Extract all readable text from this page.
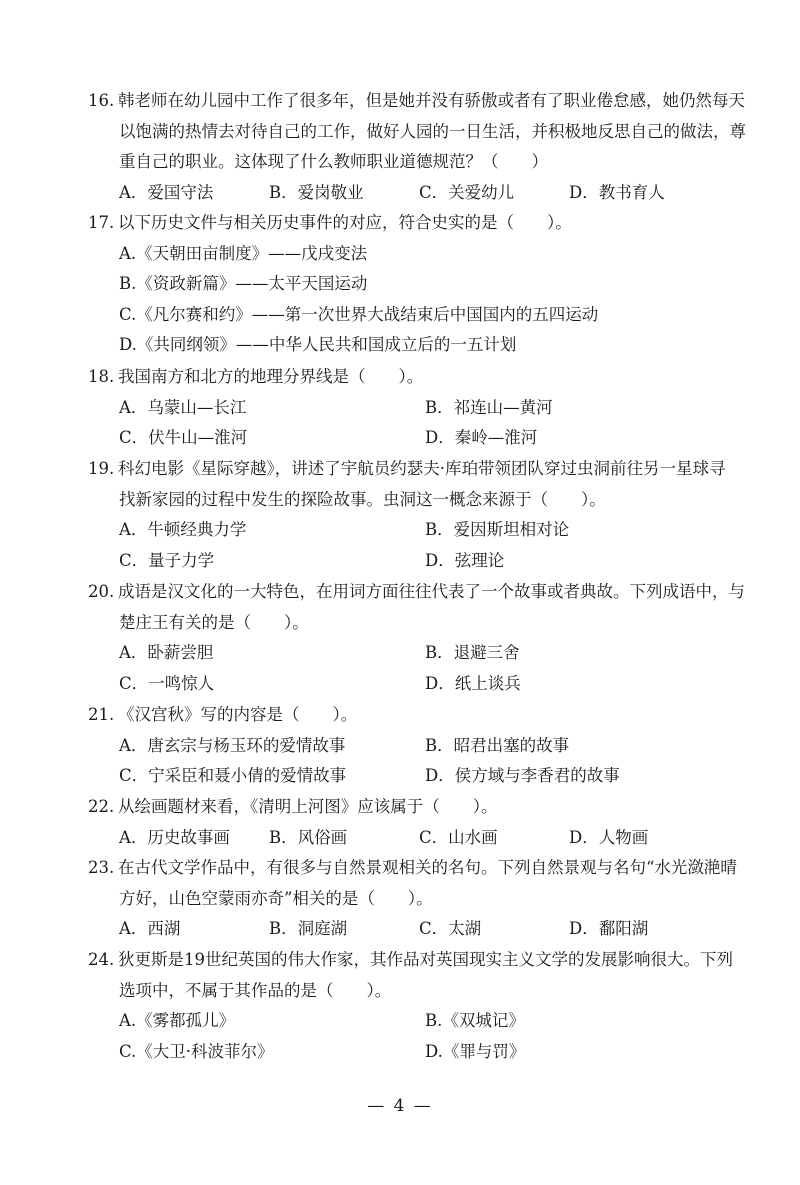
16. 韩老师在幼儿园中工作了很多年，但是她并没有骄傲或者有了职业倦怠感，她仍然每天
以饱满的热情去对待自己的工作，做好人园的一日生活，并积极地反思自己的做法，尊
重自己的职业。这体现了什么教师职业道德规范？（　　）
A．爱国守法	B．爱岗敬业	C．关爱幼儿	D．教书育人
17. 以下历史文件与相关历史事件的对应，符合史实的是（　　）。
A.《天朝田亩制度》——戊戌变法
B.《资政新篇》——太平天国运动
C.《凡尔赛和约》——第一次世界大战结束后中国国内的五四运动
D.《共同纲领》——中华人民共和国成立后的一五计划
18. 我国南方和北方的地理分界线是（　　）。
A．乌蒙山—长江	B．祁连山—黄河
C．伏牛山—淮河	D．秦岭—淮河
19. 科幻电影《星际穿越》，讲述了宇航员约瑟夫·库珀带领团队穿过虫洞前往另一星球寻
找新家园的过程中发生的探险故事。虫洞这一概念来源于（　　）。
A．牛顿经典力学	B．爱因斯坦相对论
C．量子力学	D．弦理论
20. 成语是汉文化的一大特色，在用词方面往往代表了一个故事或者典故。下列成语中，与
楚庄王有关的是（　　）。
A．卧薪尝胆	B．退避三舍
C．一鸣惊人	D．纸上谈兵
21. 《汉宫秋》写的内容是（　　）。
A．唐玄宗与杨玉环的爱情故事	B．昭君出塞的故事
C．宁采臣和聂小倩的爱情故事	D．侯方域与李香君的故事
22. 从绘画题材来看，《清明上河图》应该属于（　　）。
A．历史故事画	B．风俗画	C．山水画	D．人物画
23. 在古代文学作品中，有很多与自然景观相关的名句。下列自然景观与名句“水光潋滟晴
方好，山色空蒙雨亦奇”相关的是（　　）。
A．西湖	B．洞庭湖	C．太湖	D．鄱阳湖
24. 狄更斯是19世纪英国的伟大作家，其作品对英国现实主义文学的发展影响很大。下列
选项中，不属于其作品的是（　　）。
A.《雾都孤儿》	B.《双城记》
C.《大卫·科波菲尔》	D.《罪与罚》
— 4 —
